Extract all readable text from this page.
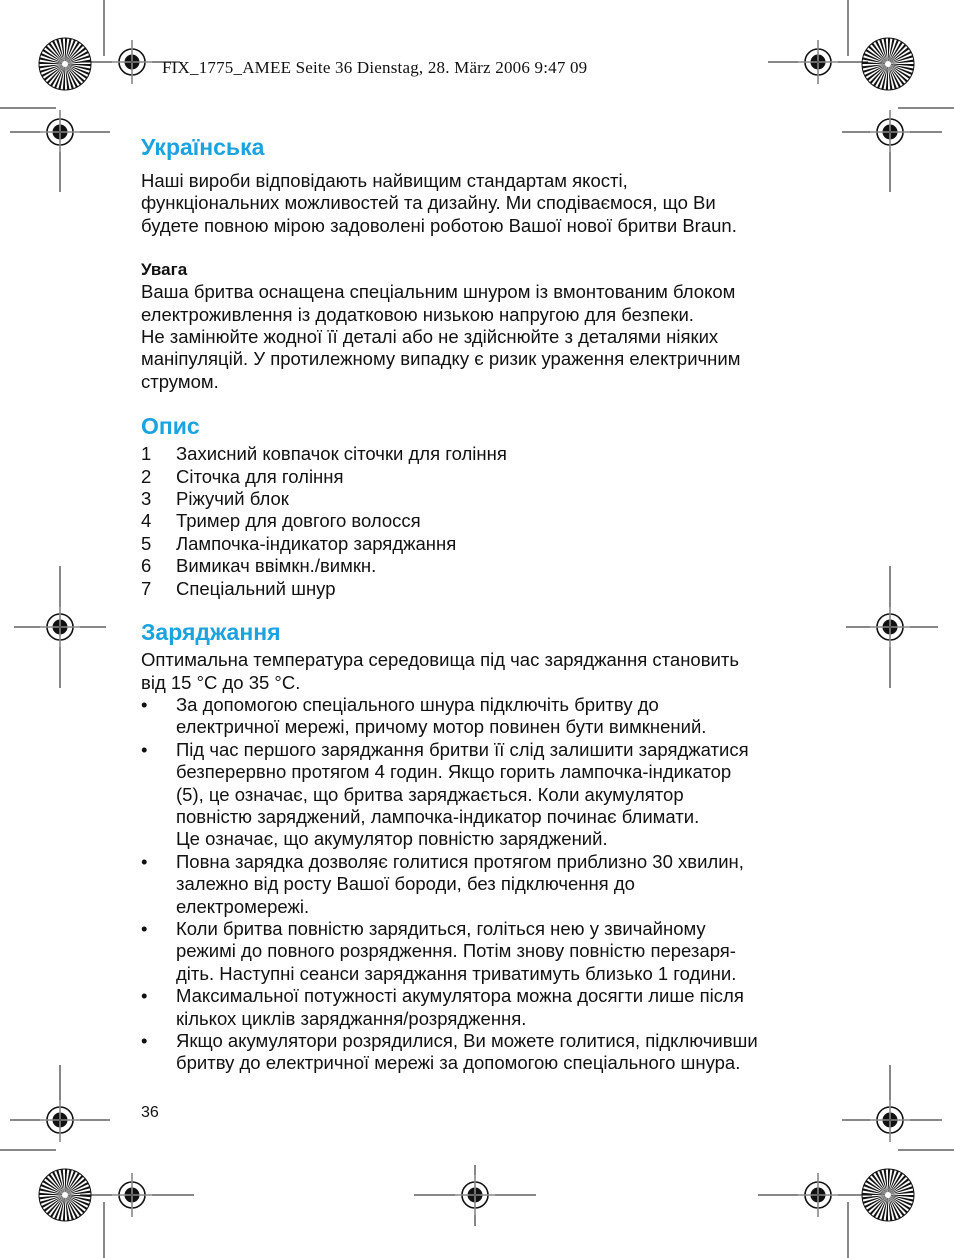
FIX_1775_AMEE Seite 36 Dienstag, 28. März 2006 9:47 09
Українська

Наші вироби відповідають найвищим стандартам якості,

функціональних можливостей та дизайну. Ми сподіваємося, що Ви

будете повною мірою задоволені роботою Вашої нової бритви Braun.

Увага

Ваша бритва оснащена спеціальним шнуром із вмонтованим блоком

електроживлення із додатковою низькою напругою для безпеки.

Не замінюйте жодної її деталі або не здійснюйте з деталями ніяких

маніпуляцій. У протилежному випадку є ризик ураження електричним

струмом.

Опис
1 Захисний ковпачок сіточки для гоління
2 Сіточка для гоління
3 Ріжучий блок
4 Тример для довгого волосся
5 Лампочка-індикатор заряджання
6 Вимикач ввімкн./вимкн.
7 Спеціальний шнур
Заряджання

Оптимальна температура середовища під час заряджання становить

від 15 °C до 35 °C.

• За допомогою спеціального шнура підключіть бритву до
електричної мережі, причому мотор повинен бути вимкнений.
• Під час першого заряджання бритви її слід залишити заряджатися
безперервно протягом 4 годин. Якщо горить лампочка-індикатор
(5), це означає, що бритва заряджається. Коли акумулятор
повністю заряджений, лампочка-індикатор починає блимати.
Це означає, що акумулятор повністю заряджений.
• Повна зарядка дозволяє голитися протягом приблизно 30 хвилин,
залежно від росту Вашої бороди, без підключення до
електромережі.
• Коли бритва повністю зарядиться, голіться нею у звичайному
режимі до повного розрядження. Потім знову повністю перезаря-
діть. Наступні сеанси заряджання триватимуть близько 1 години.
• Максимальної потужності акумулятора можна досягти лише після
кількох циклів заряджання/розрядження.
• Якщо акумулятори розрядилися, Ви можете голитися, підключивши
бритву до електричної мережі за допомогою спеціального шнура.
36
